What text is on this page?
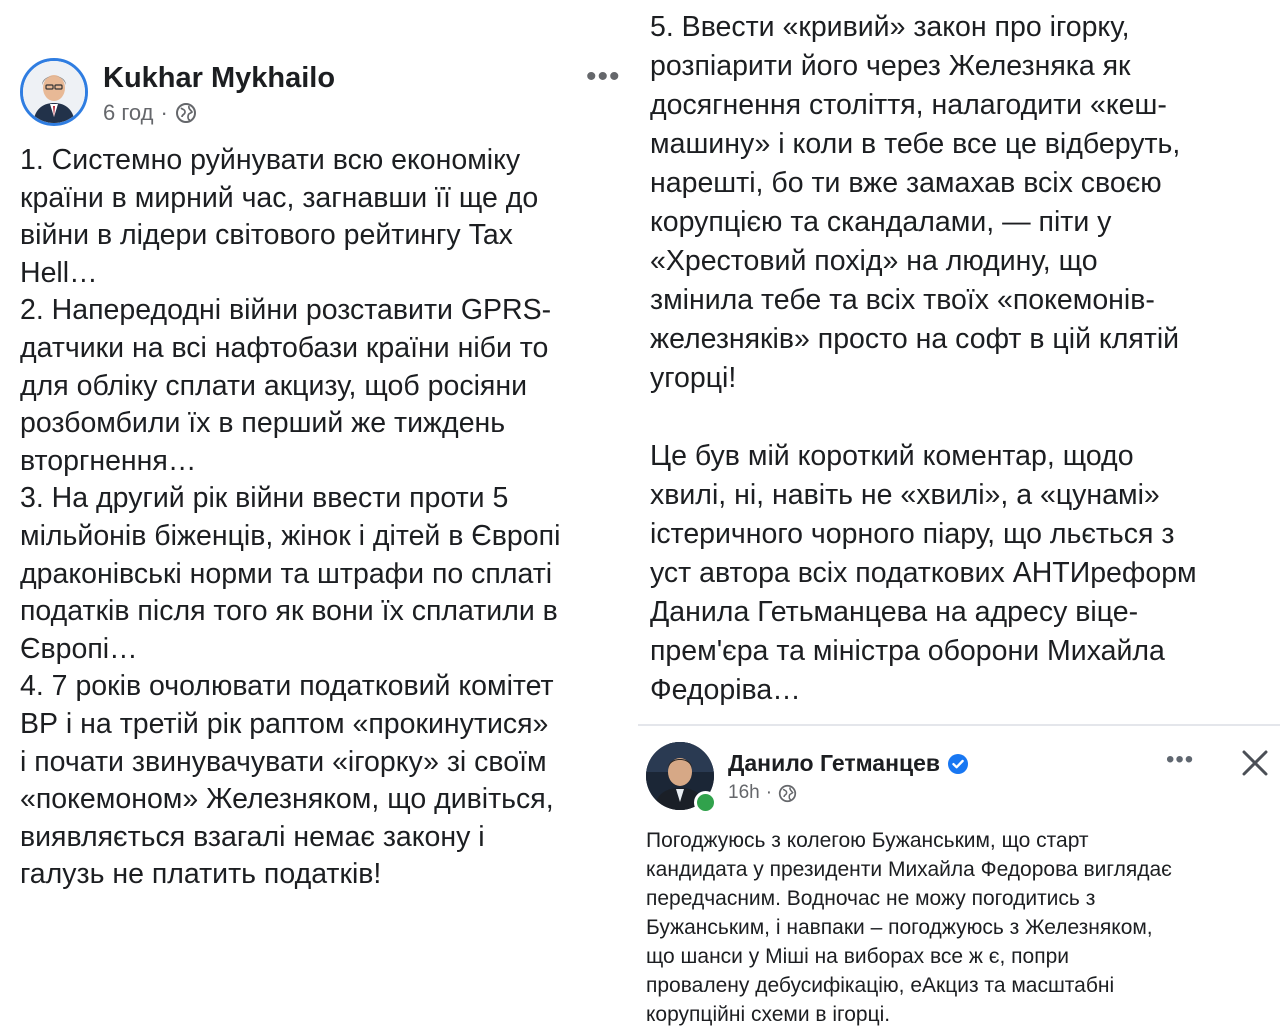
Kukhar Mykhailo
6 год ·
•••

1. Системно руйнувати всю економіку

країни в мирний час, загнавши її ще до

війни в лідери світового рейтингу Tax

Hell…

2. Напередодні війни розставити GPRS-

датчики на всі нафтобази країни ніби то

для обліку сплати акцизу, щоб росіяни

розбомбили їх в перший же тиждень

вторгнення…

3. На другий рік війни ввести проти 5

мільйонів біженців, жінок і дітей в Європі

драконівські норми та штрафи по сплаті

податків після того як вони їх сплатили в

Європі…

4. 7 років очолювати податковий комітет

ВР і на третій рік раптом «прокинутися»

і почати звинувачувати «ігорку» зі своїм

«покемоном» Железняком, що дивіться,

виявляється взагалі немає закону і

галузь не платить податків!

5. Ввести «кривий» закон про ігорку,

розпіарити його через Железняка як

досягнення століття, налагодити «кеш-

машину» і коли в тебе все це відберуть,

нарешті, бо ти вже замахав всіх своєю

корупцією та скандалами, — піти у

«Хрестовий похід» на людину, що

змінила тебе та всіх твоїх «покемонів-

железняків» просто на софт в цій клятій

угорці!

Це був мій короткий коментар, щодо

хвилі, ні, навіть не «хвилі», а «цунамі»

істеричного чорного піару, що льється з

уст автора всіх податкових АНТИреформ

Данила Гетьманцева на адресу віце-

прем'єра та міністра оборони Михайла

Федоріва…

Данило Гетманцев
16h ·
•••

Погоджуюсь з колегою Бужанським, що старт

кандидата у президенти Михайла Федорова виглядає

передчасним. Водночас не можу погодитись з

Бужанським, і навпаки – погоджуюсь з Железняком,

що шанси у Міші на виборах все ж є, попри

провалену дебусифікацію, еАкциз та масштабні

корупційні схеми в ігорці.
